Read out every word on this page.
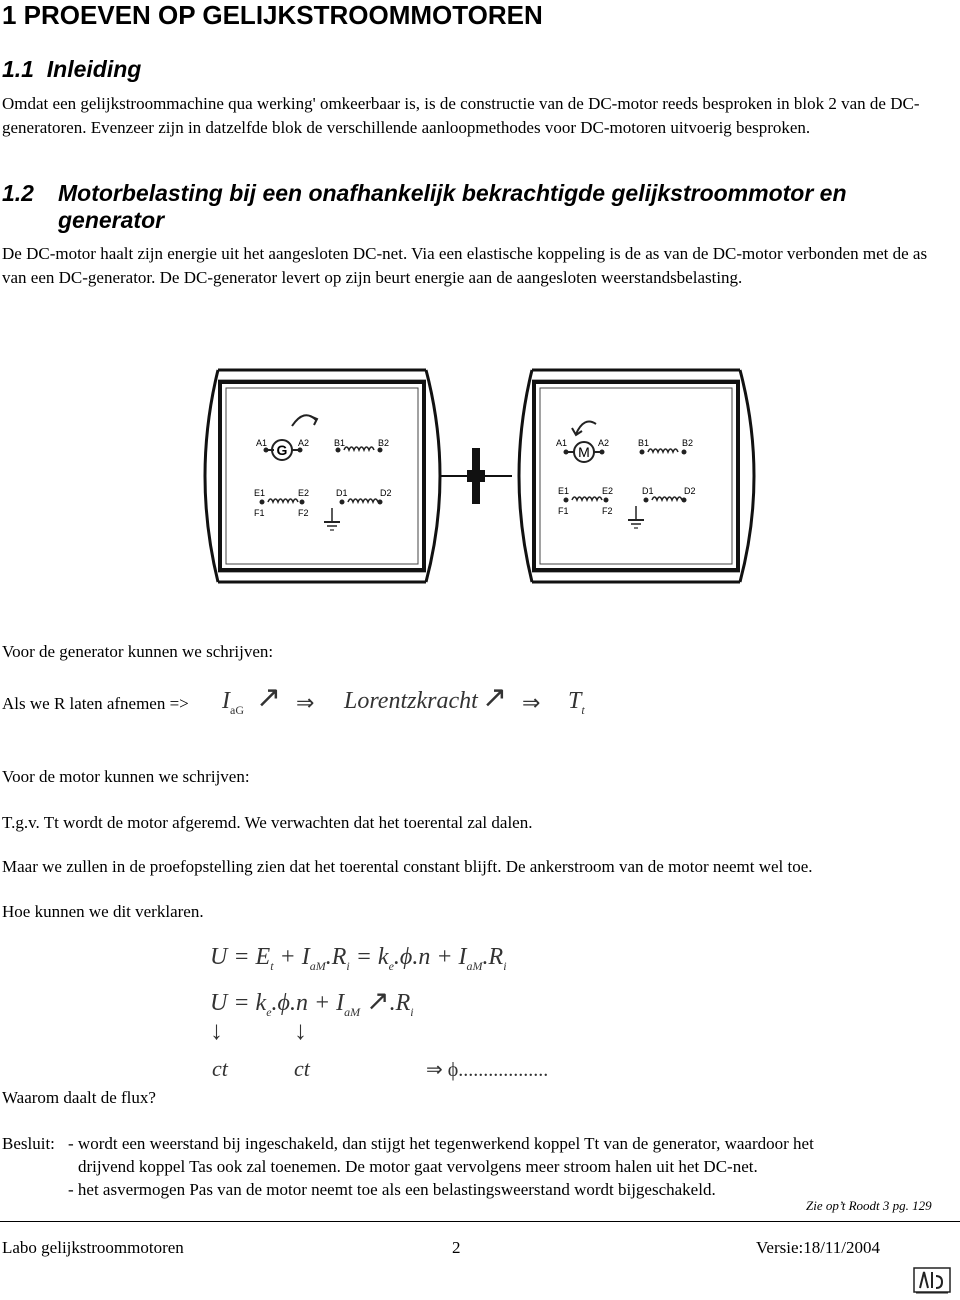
1 PROEVEN OP GELIJKSTROOMMOTOREN
1.1 Inleiding
Omdat een gelijkstroommachine qua werking' omkeerbaar is, is de constructie van de DC-motor reeds besproken in blok 2 van de DC-generatoren. Evenzeer zijn in datzelfde blok de verschillende aanloopmethodes voor DC-motoren uitvoerig besproken.
1.2	Motorbelasting bij een onafhankelijk bekrachtigde gelijkstroommotor en generator
De DC-motor haalt zijn energie uit het aangesloten DC-net. Via een elastische koppeling is de as van de DC-motor verbonden met de as van een DC-generator. De DC-generator levert op zijn beurt energie aan de aangesloten weerstandsbelasting.
G
A1	A2	B1	B2
E1	E2
F1	F2
D1	D2
M
A1	A2	B1	B2
E1	E2
F1	F2
D1	D2
Voor de generator kunnen we schrijven:
Als we R laten afnemen => $I_{aG}$ ↗ ⇒ Lorentzkracht ↗ ⇒ $T_t$
Voor de motor kunnen we schrijven:
T.g.v. Tt wordt de motor afgeremd. We verwachten dat het toerental zal dalen.
Maar we zullen in de proefopstelling zien dat het toerental constant blijft. De ankerstroom van de motor neemt wel toe.
Hoe kunnen we dit verklaren.
$U = E_t + I_{aM}.R_i = k_e.\phi.n + I_{aM}.R_i$
$U = k_e.\phi.n + I_{aM}$ $↗.R_i$
↓	↓
ct	ct	⇒ ϕ..................
Waarom daalt de flux?
Besluit: - wordt een weerstand bij ingeschakeld, dan stijgt het tegenwerkend koppel Tt van de generator, waardoor het
drijvend koppel Tas ook zal toenemen. De motor gaat vervolgens meer stroom halen uit het DC-net.
- het asvermogen Pas van de motor neemt toe als een belastingsweerstand wordt bijgeschakeld.
Zie op’t Roodt 3 pg. 129
Labo gelijkstroommotoren	2	Versie:18/11/2004
